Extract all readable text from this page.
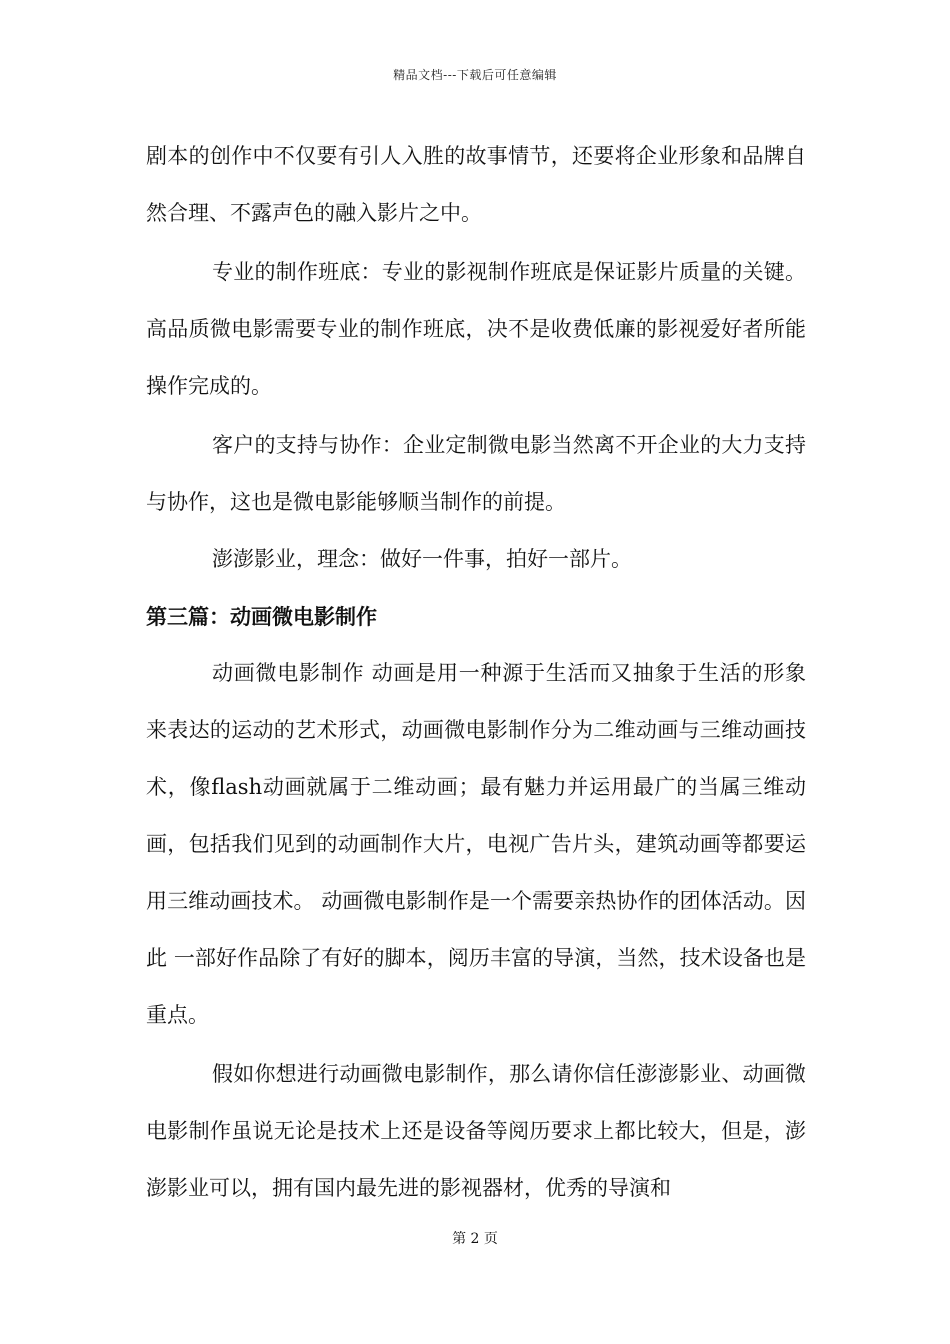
精品文档---下载后可任意编辑

剧本的创作中不仅要有引人入胜的故事情节，还要将企业形象和品牌自然合理、不露声色的融入影片之中。

专业的制作班底：专业的影视制作班底是保证影片质量的关键。高品质微电影需要专业的制作班底，决不是收费低廉的影视爱好者所能操作完成的。

客户的支持与协作：企业定制微电影当然离不开企业的大力支持与协作，这也是微电影能够顺当制作的前提。

澎澎影业，理念：做好一件事，拍好一部片。

第三篇：动画微电影制作

动画微电影制作 动画是用一种源于生活而又抽象于生活的形象来表达的运动的艺术形式，动画微电影制作分为二维动画与三维动画技术，像flash动画就属于二维动画；最有魅力并运用最广的当属三维动画，包括我们见到的动画制作大片，电视广告片头，建筑动画等都要运用三维动画技术。 动画微电影制作是一个需要亲热协作的团体活动。因此 一部好作品除了有好的脚本，阅历丰富的导演，当然，技术设备也是重点。

假如你想进行动画微电影制作，那么请你信任澎澎影业、动画微电影制作虽说无论是技术上还是设备等阅历要求上都比较大，但是，澎澎影业可以，拥有国内最先进的影视器材，优秀的导演和

第 2 页
